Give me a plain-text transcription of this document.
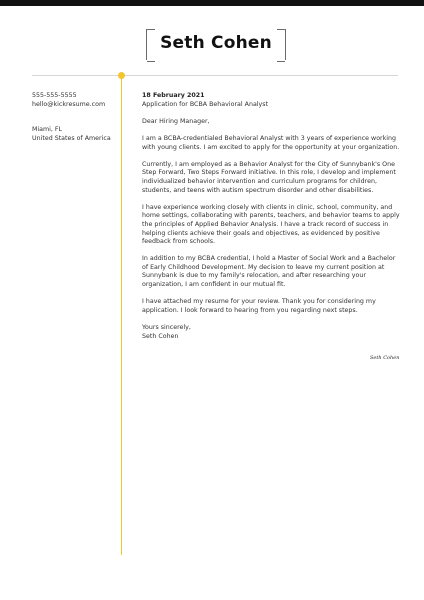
Seth Cohen
555-555-5555
hello@kickresume.com
Miami, FL
United States of America

18 February 2021

Application for BCBA Behavioral Analyst

Dear Hiring Manager,

I am a BCBA-credentialed Behavioral Analyst with 3 years of experience working with young clients. I am excited to apply for the opportunity at your organization.

Currently, I am employed as a Behavior Analyst for the City of Sunnybank's One Step Forward, Two Steps Forward initiative. In this role, I develop and implement individualized behavior intervention and curriculum programs for children, students, and teens with autism spectrum disorder and other disabilities.

I have experience working closely with clients in clinic, school, community, and home settings, collaborating with parents, teachers, and behavior teams to apply the principles of Applied Behavior Analysis. I have a track record of success in helping clients achieve their goals and objectives, as evidenced by positive feedback from schools.

In addition to my BCBA credential, I hold a Master of Social Work and a Bachelor of Early Childhood Development. My decision to leave my current position at Sunnybank is due to my family's relocation, and after researching your organization, I am confident in our mutual fit.

I have attached my resume for your review. Thank you for considering my application. I look forward to hearing from you regarding next steps.

Yours sincerely,

Seth Cohen

Seth Cohen
